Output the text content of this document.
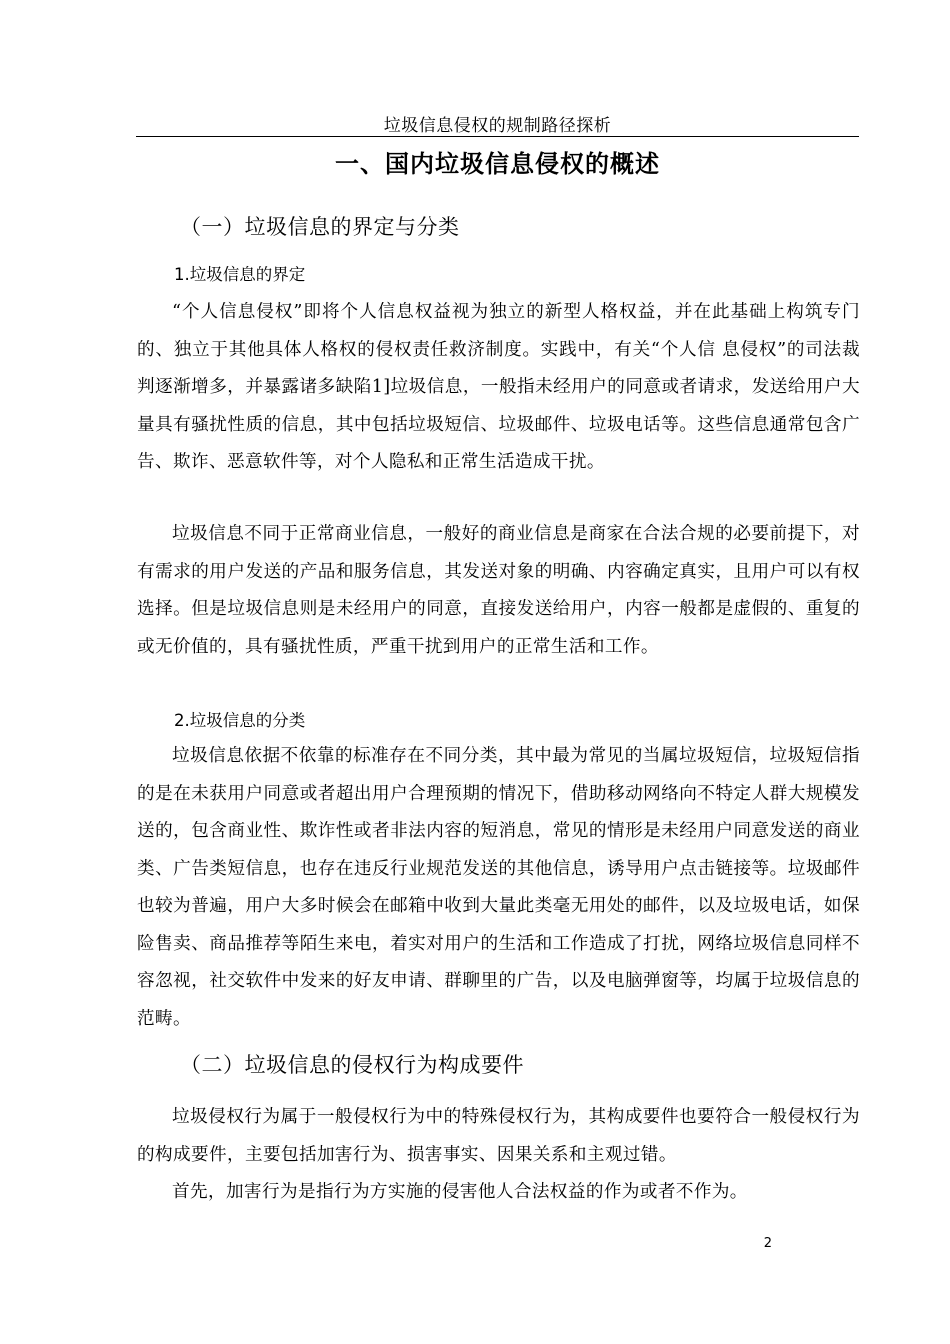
垃圾信息侵权的规制路径探析
一、国内垃圾信息侵权的概述
（一）垃圾信息的界定与分类
1.垃圾信息的界定

“个人信息侵权”即将个人信息权益视为独立的新型人格权益，并在此基础上构筑专门的、独立于其他具体人格权的侵权责任救济制度。实践中，有关“个人信 息侵权”的司法裁判逐渐增多，并暴露诸多缺陷1]垃圾信息，一般指未经用户的同意或者请求，发送给用户大量具有骚扰性质的信息，其中包括垃圾短信、垃圾邮件、垃圾电话等。这些信息通常包含广告、欺诈、恶意软件等，对个人隐私和正常生活造成干扰。

垃圾信息不同于正常商业信息，一般好的商业信息是商家在合法合规的必要前提下，对有需求的用户发送的产品和服务信息，其发送对象的明确、内容确定真实，且用户可以有权选择。但是垃圾信息则是未经用户的同意，直接发送给用户，内容一般都是虚假的、重复的或无价值的，具有骚扰性质，严重干扰到用户的正常生活和工作。

2.垃圾信息的分类

垃圾信息依据不依靠的标准存在不同分类，其中最为常见的当属垃圾短信，垃圾短信指的是在未获用户同意或者超出用户合理预期的情况下，借助移动网络向不特定人群大规模发送的，包含商业性、欺诈性或者非法内容的短消息，常见的情形是未经用户同意发送的商业类、广告类短信息，也存在违反行业规范发送的其他信息，诱导用户点击链接等。垃圾邮件也较为普遍，用户大多时候会在邮箱中收到大量此类毫无用处的邮件，以及垃圾电话，如保险售卖、商品推荐等陌生来电，着实对用户的生活和工作造成了打扰，网络垃圾信息同样不容忽视，社交软件中发来的好友申请、群聊里的广告，以及电脑弹窗等，均属于垃圾信息的范畴。

（二）垃圾信息的侵权行为构成要件

垃圾侵权行为属于一般侵权行为中的特殊侵权行为，其构成要件也要符合一般侵权行为的构成要件，主要包括加害行为、损害事实、因果关系和主观过错。

首先，加害行为是指行为方实施的侵害他人合法权益的作为或者不作为。

2
